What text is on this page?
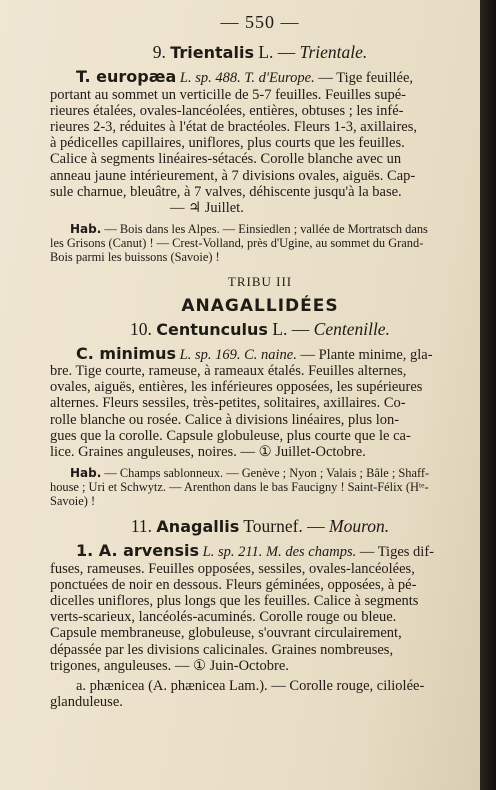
— 550 —
9. Trientalis L. — Trientale.
T. europæa L. sp. 488. T. d'Europe. — Tige feuillée,
portant au sommet un verticille de 5-7 feuilles. Feuilles supé-
rieures étalées, ovales-lancéolées, entières, obtuses ; les infé-
rieures 2-3, réduites à l'état de bractéoles. Fleurs 1-3, axillaires,
à pédicelles capillaires, uniflores, plus courts que les feuilles.
Calice à segments linéaires-sétacés. Corolle blanche avec un
anneau jaune intérieurement, à 7 divisions ovales, aiguës. Cap-
sule charnue, bleuâtre, à 7 valves, déhiscente jusqu'à la base.
— ♃ Juillet.
Hab. — Bois dans les Alpes. — Einsiedlen ; vallée de Mortratsch dans
les Grisons (Canut) ! — Crest-Volland, près d'Ugine, au sommet du Grand-
Bois parmi les buissons (Savoie) !
TRIBU III
ANAGALLIDÉES
10. Centunculus L. — Centenille.
C. minimus L. sp. 169. C. naine. — Plante minime, gla-
bre. Tige courte, rameuse, à rameaux étalés. Feuilles alternes,
ovales, aiguës, entières, les inférieures opposées, les supérieures
alternes. Fleurs sessiles, très-petites, solitaires, axillaires. Co-
rolle blanche ou rosée. Calice à divisions linéaires, plus lon-
gues que la corolle. Capsule globuleuse, plus courte que le ca-
lice. Graines anguleuses, noires. — ① Juillet-Octobre.
Hab. — Champs sablonneux. — Genève ; Nyon ; Valais ; Bâle ; Shaff-
house ; Uri et Schwytz. — Arenthon dans le bas Faucigny ! Saint-Félix (Hᵗᵉ-
Savoie) !
11. Anagallis Tournef. — Mouron.
1. A. arvensis L. sp. 211. M. des champs. — Tiges dif-
fuses, rameuses. Feuilles opposées, sessiles, ovales-lancéolées,
ponctuées de noir en dessous. Fleurs géminées, opposées, à pé-
dicelles uniflores, plus longs que les feuilles. Calice à segments
verts-scarieux, lancéolés-acuminés. Corolle rouge ou bleue.
Capsule membraneuse, globuleuse, s'ouvrant circulairement,
dépassée par les divisions calicinales. Graines nombreuses,
trigones, anguleuses. — ① Juin-Octobre.
a. phænicea (A. phænicea Lam.). — Corolle rouge, ciliolée-
glanduleuse.
